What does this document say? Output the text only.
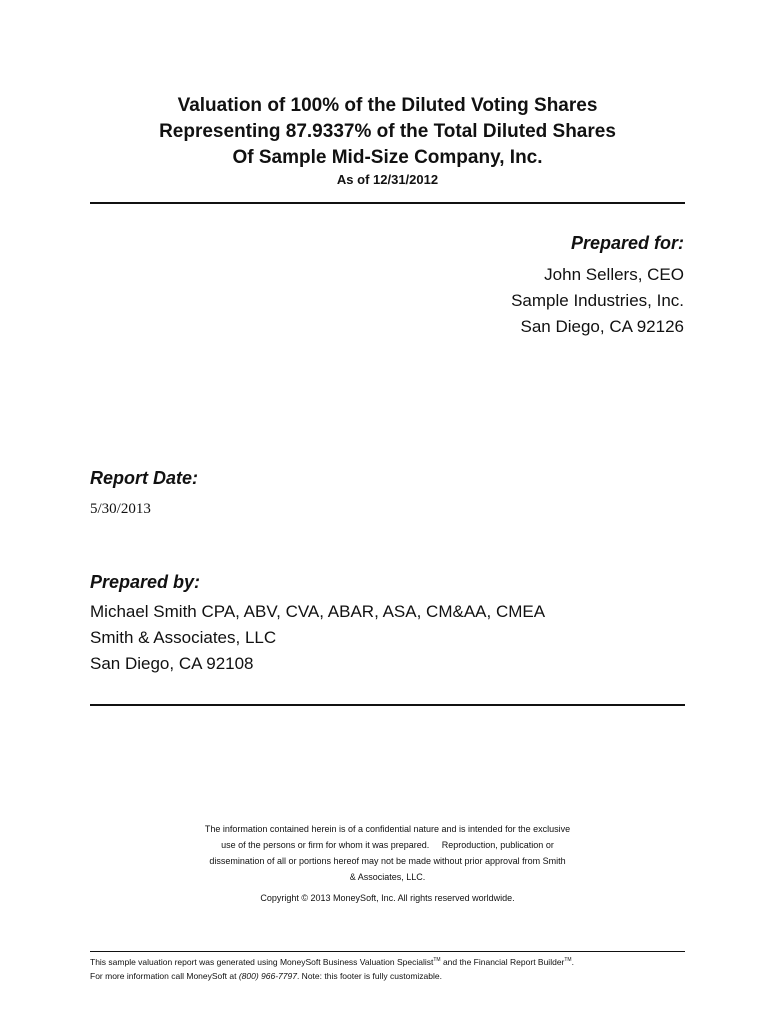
Valuation of 100% of the Diluted Voting Shares
Representing 87.9337% of the Total Diluted Shares
Of Sample Mid-Size Company, Inc.
As of 12/31/2012
Prepared for:
John Sellers, CEO
Sample Industries, Inc.
San Diego, CA 92126
Report Date:
5/30/2013
Prepared by:
Michael Smith CPA, ABV, CVA, ABAR, ASA, CM&AA, CMEA
Smith & Associates, LLC
San Diego, CA 92108
The information contained herein is of a confidential nature and is intended for the exclusive
use of the persons or firm for whom it was prepared.     Reproduction, publication or
dissemination of all or portions hereof may not be made without prior approval from Smith
& Associates, LLC.
Copyright © 2013 MoneySoft, Inc. All rights reserved worldwide.
This sample valuation report was generated using MoneySoft Business Valuation Specialist™ and the Financial Report Builder™.
For more information call MoneySoft at (800) 966-7797. Note: this footer is fully customizable.
